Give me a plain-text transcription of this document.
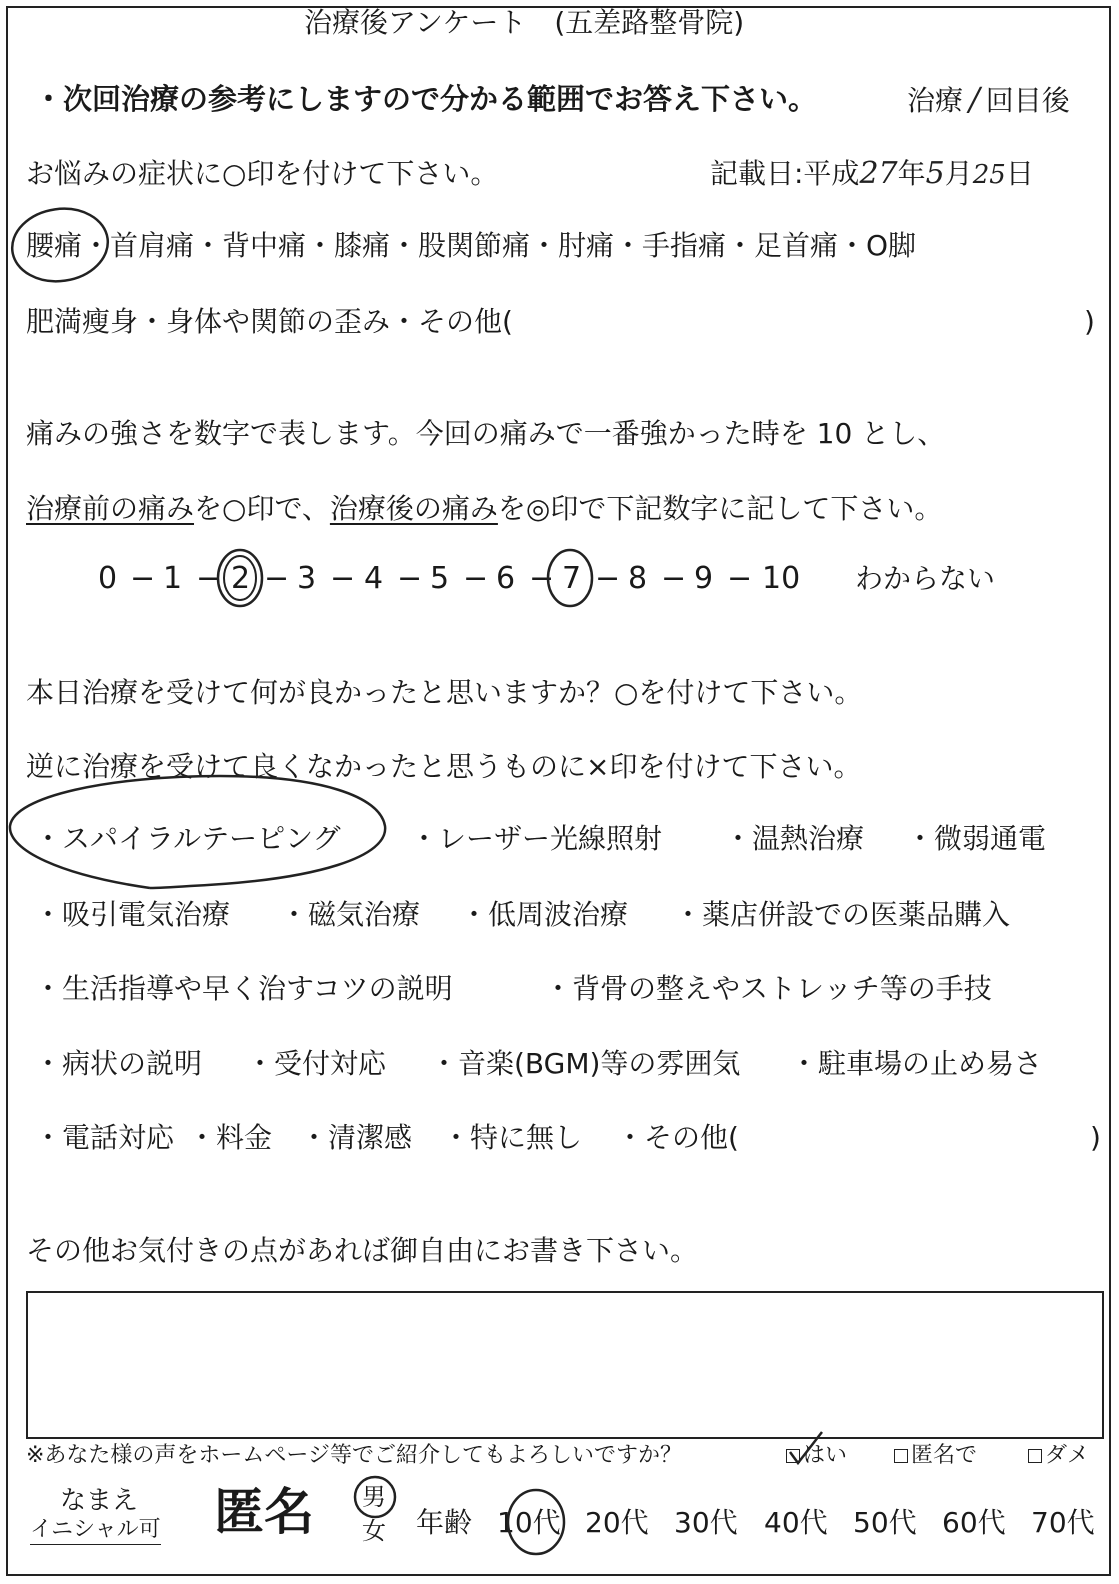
治療後アンケート　(五差路整骨院)
・次回治療の参考にしますので分かる範囲でお答え下さい。	治療 / 回目後
お悩みの症状に○印を付けて下さい。	記載日:平成27年5月25日
腰痛・首肩痛・背中痛・膝痛・股関節痛・肘痛・手指痛・足首痛・O脚
肥満瘦身・身体や関節の歪み・その他(	)
痛みの強さを数字で表します。今回の痛みで一番強かった時を 10 とし、
治療前の痛みを○印で、治療後の痛みを◎印で下記数字に記して下さい。
0 1 2 3 4 5 6 7 8 9 10 わからない
− − − − − − − − − −
本日治療を受けて何が良かったと思いますか？○を付けて下さい。
逆に治療を受けて良くなかったと思うものに×印を付けて下さい。
・スパイラルテーピング ・レーザー光線照射 ・温熱治療 ・微弱通電
・吸引電気治療 ・磁気治療 ・低周波治療 ・薬店併設での医薬品購入
・生活指導や早く治すコツの説明	・背骨の整えやストレッチ等の手技
・病状の説明 ・受付対応 ・音楽(BGM)等の雰囲気 ・駐車場の止め易さ
・電話対応 ・料金 ・清潔感 ・特に無し ・その他(	)
その他お気付きの点があれば御自由にお書き下さい。
※あなた様の声をホームページ等でご紹介してもよろしいですか？	はい	匿名で	ダメ
なまえ
イニシャル可 匿名 男
女 年齢 10代 20代 30代 40代 50代 60代 70代
